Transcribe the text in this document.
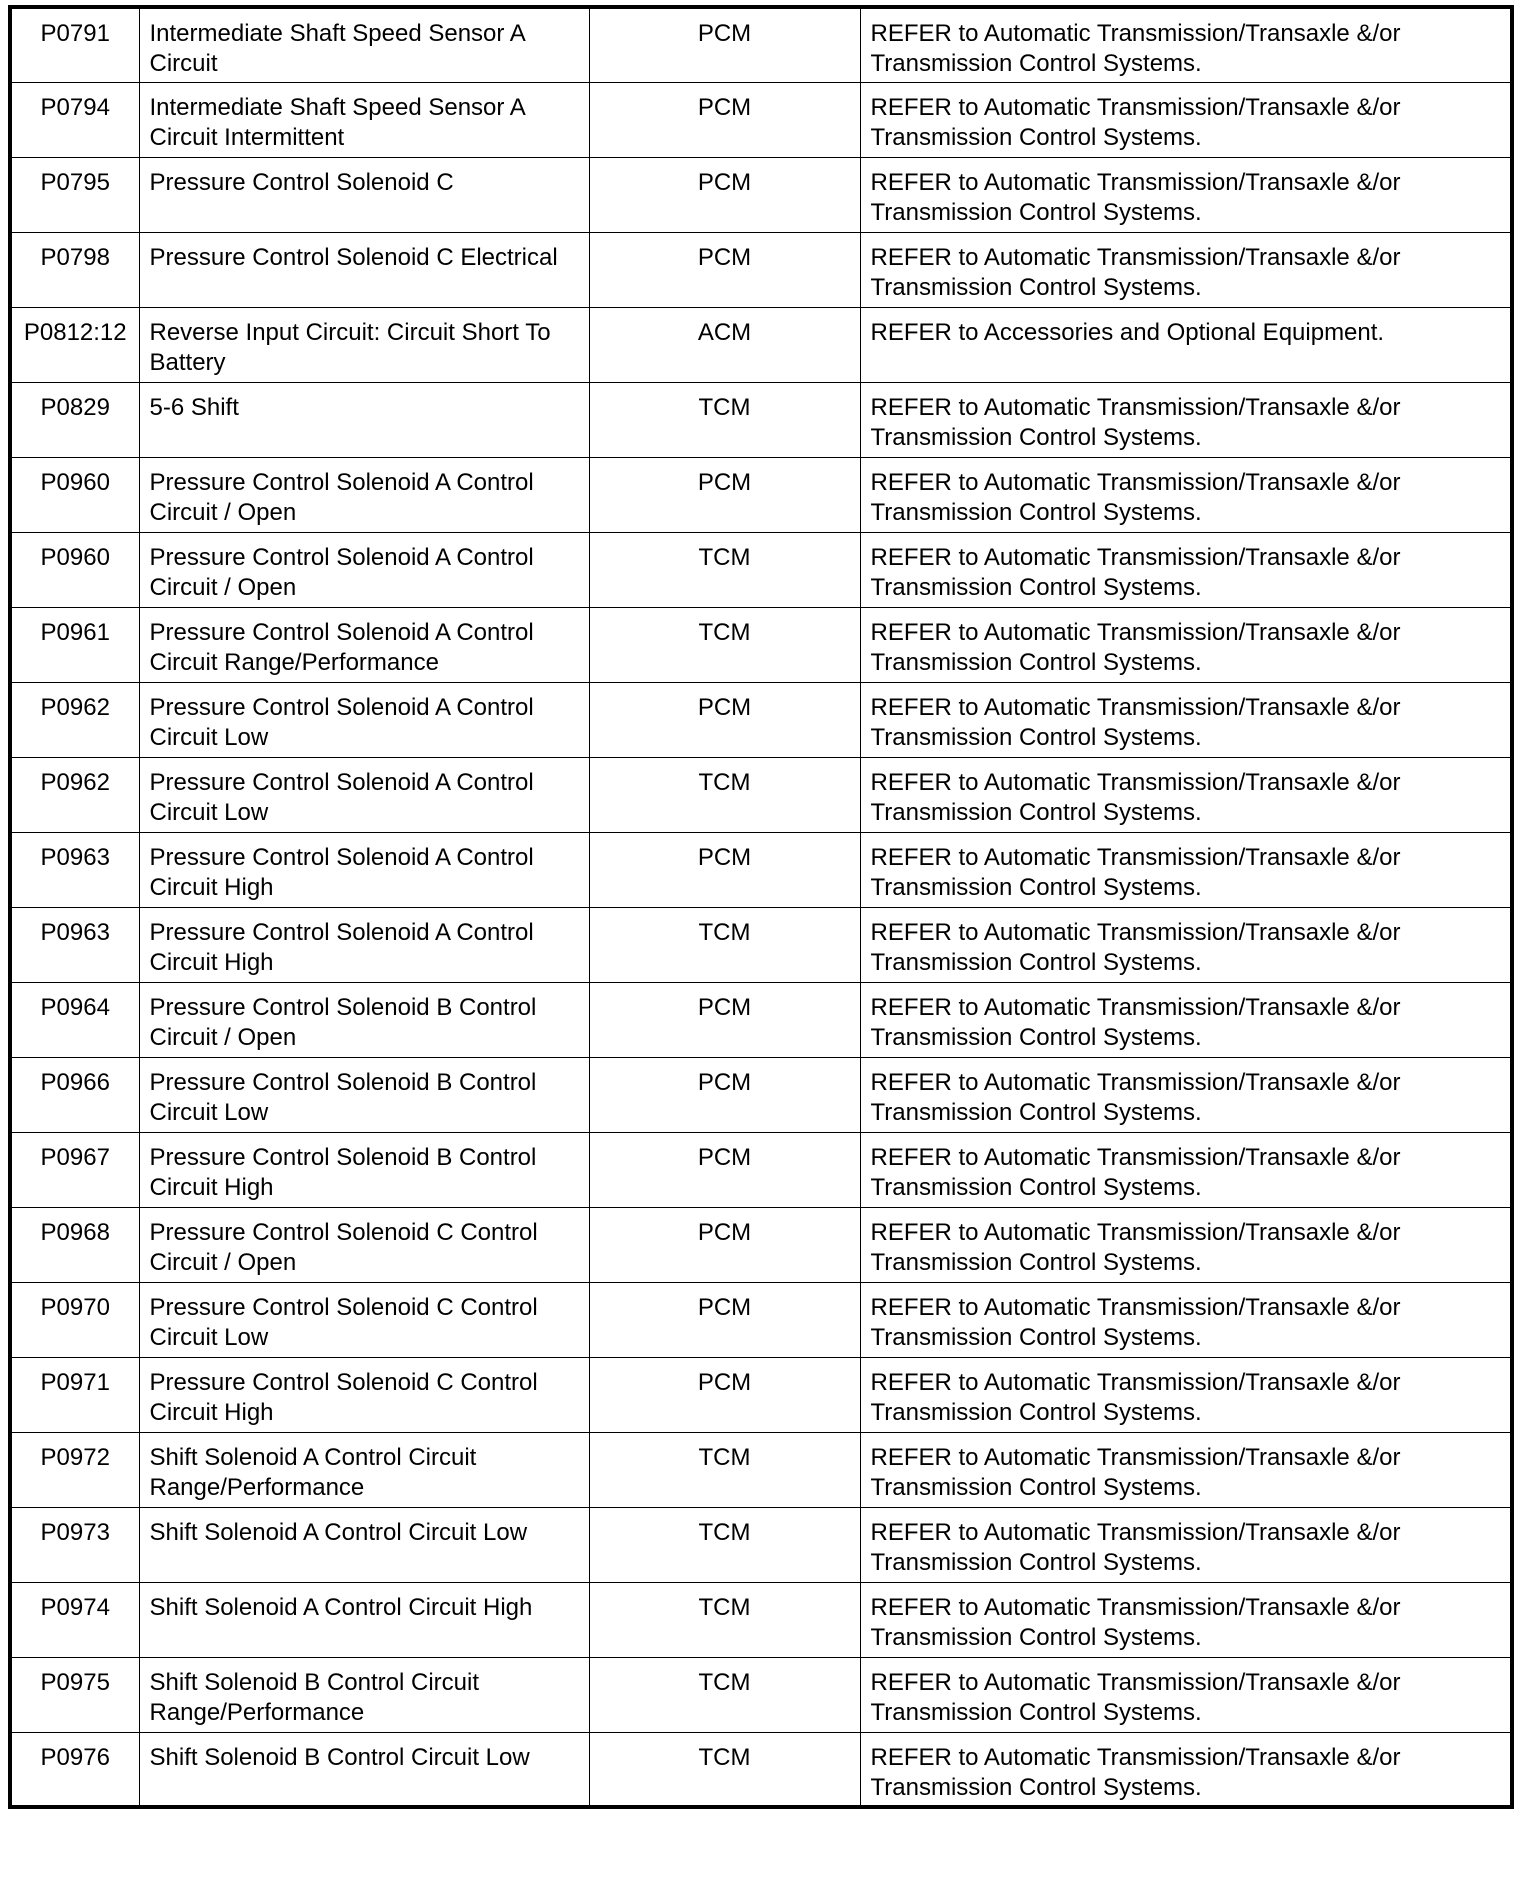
P0791	Intermediate Shaft Speed Sensor A Circuit	PCM	REFER to Automatic Transmission/Transaxle &/or Transmission Control Systems.
P0794	Intermediate Shaft Speed Sensor A Circuit Intermittent	PCM	REFER to Automatic Transmission/Transaxle &/or Transmission Control Systems.
P0795	Pressure Control Solenoid C	PCM	REFER to Automatic Transmission/Transaxle &/or Transmission Control Systems.
P0798	Pressure Control Solenoid C Electrical	PCM	REFER to Automatic Transmission/Transaxle &/or Transmission Control Systems.
P0812:12	Reverse Input Circuit: Circuit Short To Battery	ACM	REFER to Accessories and Optional Equipment.
P0829	5-6 Shift	TCM	REFER to Automatic Transmission/Transaxle &/or Transmission Control Systems.
P0960	Pressure Control Solenoid A Control Circuit / Open	PCM	REFER to Automatic Transmission/Transaxle &/or Transmission Control Systems.
P0960	Pressure Control Solenoid A Control Circuit / Open	TCM	REFER to Automatic Transmission/Transaxle &/or Transmission Control Systems.
P0961	Pressure Control Solenoid A Control Circuit Range/Performance	TCM	REFER to Automatic Transmission/Transaxle &/or Transmission Control Systems.
P0962	Pressure Control Solenoid A Control Circuit Low	PCM	REFER to Automatic Transmission/Transaxle &/or Transmission Control Systems.
P0962	Pressure Control Solenoid A Control Circuit Low	TCM	REFER to Automatic Transmission/Transaxle &/or Transmission Control Systems.
P0963	Pressure Control Solenoid A Control Circuit High	PCM	REFER to Automatic Transmission/Transaxle &/or Transmission Control Systems.
P0963	Pressure Control Solenoid A Control Circuit High	TCM	REFER to Automatic Transmission/Transaxle &/or Transmission Control Systems.
P0964	Pressure Control Solenoid B Control Circuit / Open	PCM	REFER to Automatic Transmission/Transaxle &/or Transmission Control Systems.
P0966	Pressure Control Solenoid B Control Circuit Low	PCM	REFER to Automatic Transmission/Transaxle &/or Transmission Control Systems.
P0967	Pressure Control Solenoid B Control Circuit High	PCM	REFER to Automatic Transmission/Transaxle &/or Transmission Control Systems.
P0968	Pressure Control Solenoid C Control Circuit / Open	PCM	REFER to Automatic Transmission/Transaxle &/or Transmission Control Systems.
P0970	Pressure Control Solenoid C Control Circuit Low	PCM	REFER to Automatic Transmission/Transaxle &/or Transmission Control Systems.
P0971	Pressure Control Solenoid C Control Circuit High	PCM	REFER to Automatic Transmission/Transaxle &/or Transmission Control Systems.
P0972	Shift Solenoid A Control Circuit Range/Performance	TCM	REFER to Automatic Transmission/Transaxle &/or Transmission Control Systems.
P0973	Shift Solenoid A Control Circuit Low	TCM	REFER to Automatic Transmission/Transaxle &/or Transmission Control Systems.
P0974	Shift Solenoid A Control Circuit High	TCM	REFER to Automatic Transmission/Transaxle &/or Transmission Control Systems.
P0975	Shift Solenoid B Control Circuit Range/Performance	TCM	REFER to Automatic Transmission/Transaxle &/or Transmission Control Systems.
P0976	Shift Solenoid B Control Circuit Low	TCM	REFER to Automatic Transmission/Transaxle &/or Transmission Control Systems.
